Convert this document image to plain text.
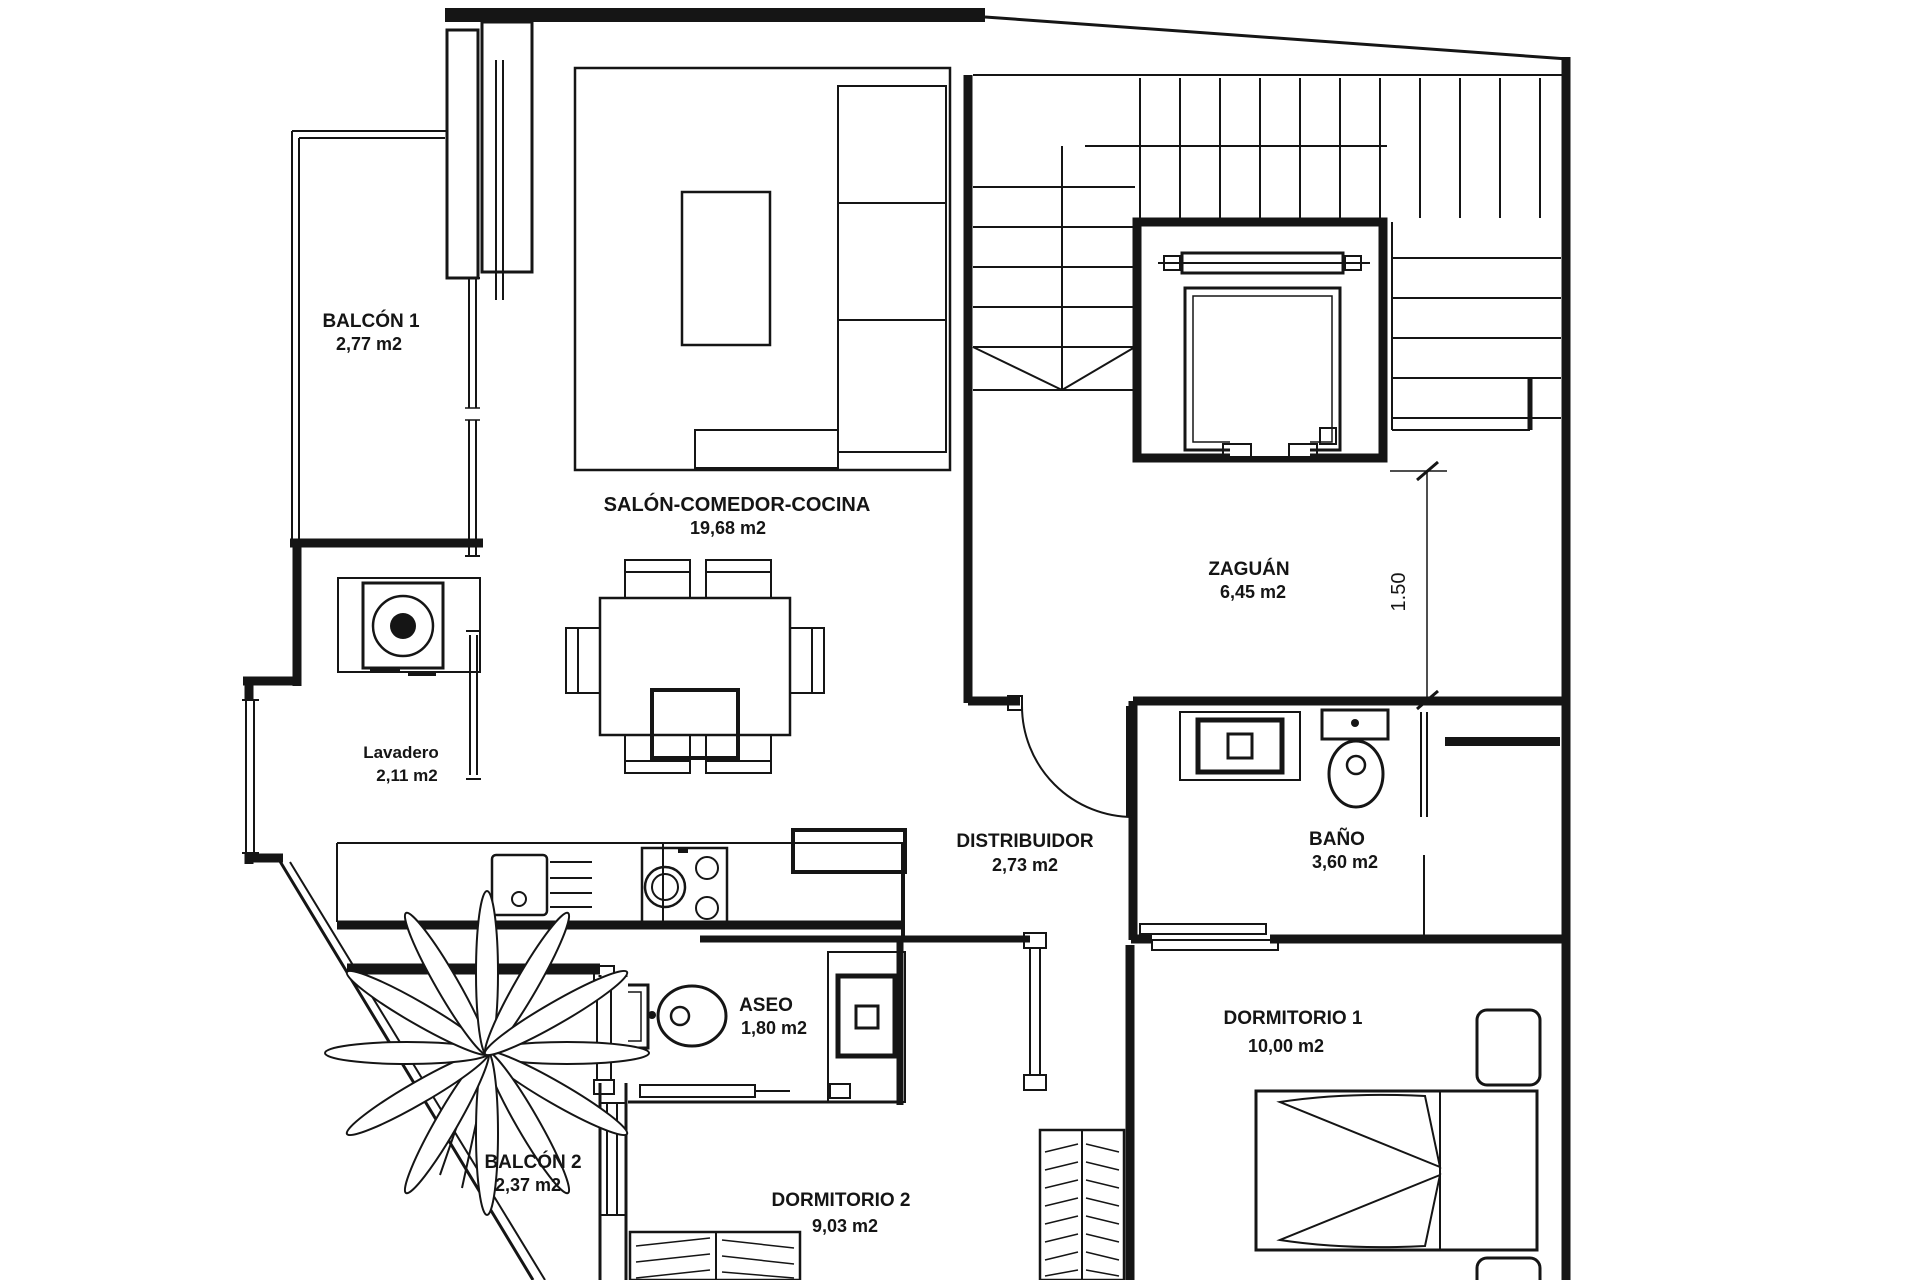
BALCÓN 1
2,77 m2
SALÓN-COMEDOR-COCINA
19,68 m2
Lavadero
2,11 m2
ZAGUÁN
6,45 m2	1.50
DISTRIBUIDOR
2,73 m2
BAÑO
3,60 m2
ASEO
1,80 m2	DORMITORIO 1
10,00 m2
DORMITORIO 2
9,03 m2
BALCÓN 2
2,37 m2
